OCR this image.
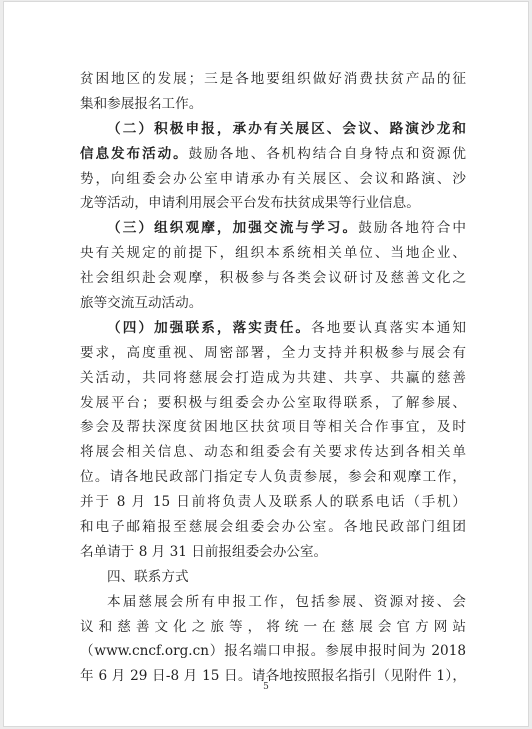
贫困地区的发展；三是各地要组织做好消费扶贫产品的征
集和参展报名工作。
（二）积极申报，承办有关展区、会议、路演沙龙和
信息发布活动。鼓励各地、各机构结合自身特点和资源优
势，向组委会办公室申请承办有关展区、会议和路演、沙
龙等活动，申请利用展会平台发布扶贫成果等行业信息。
（三）组织观摩，加强交流与学习。鼓励各地符合中
央有关规定的前提下，组织本系统相关单位、当地企业、
社会组织赴会观摩，积极参与各类会议研讨及慈善文化之
旅等交流互动活动。
（四）加强联系，落实责任。各地要认真落实本通知
要求，高度重视、周密部署，全力支持并积极参与展会有
关活动，共同将慈展会打造成为共建、共享、共赢的慈善
发展平台；要积极与组委会办公室取得联系，了解参展、
参会及帮扶深度贫困地区扶贫项目等相关合作事宜，及时
将展会相关信息、动态和组委会有关要求传达到各相关单
位。请各地民政部门指定专人负责参展，参会和观摩工作，
并于 8 月 15 日前将负责人及联系人的联系电话（手机）
和电子邮箱报至慈展会组委会办公室。各地民政部门组团
名单请于 8 月 31 日前报组委会办公室。
四、联系方式
本届慈展会所有申报工作，包括参展、资源对接、会
议和慈善文化之旅等，将统一在慈展会官方网站
（www.cncf.org.cn）报名端口申报。参展申报时间为 2018
年 6 月 29 日-8 月 15 日。请各地按照报名指引（见附件 1），
5
